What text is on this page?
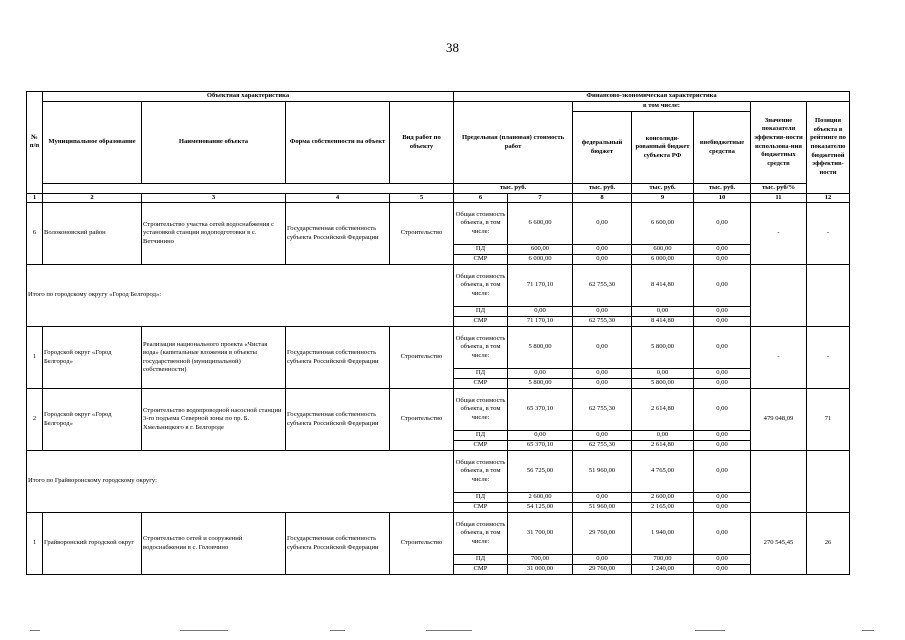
38
№ п/п	Объектная характеристика				Финансово-экономическая характеристика						
	Муниципальное образование	Наименование объекта	Форма собственности на объект	Вид работ по объекту	Предельная (плановая) стоимость работ		в том числе:			Значение показателя эффектив-ности использова-ния бюджетных средств	Позиция объекта в рейтинге по показателю бюджетной эффектив-ности
							федеральный бюджет	консолиди-рованный бюджет субъекта РФ	внебюджетные средства		
					тыс. руб.		тыс. руб.	тыс. руб.	тыс. руб.	тыс. руб/%	
1	2	3	4	5	6	7	8	9	10	11	12
6	Волоконовский район	Строительство участка сетей водоснабжения с установкой станции водоподготовки в с. Ветчинино	Государственная собственность субъекта Российской Федерации	Строительство	Общая стоимость объекта, в том числе:	6 600,00	0,00	6 600,00	0,00	-	-
					ПД	600,00	0,00	600,00	0,00		
					СМР	6 000,00	0,00	6 000,00	0,00		
Итого по городскому округу «Город Белгород»:					Общая стоимость объекта, в том числе:	71 170,10	62 755,30	8 414,80	0,00		
					ПД	0,00	0,00	0,00	0,00		
					СМР	71 170,10	62 755,30	8 414,80	0,00		
1	Городской округ «Город Белгород»	Реализация национального проекта «Чистая вода» (капитальные вложения в объекты государственной (муниципальной) собственности)	Государственная собственность субъекта Российской Федерации	Строительство	Общая стоимость объекта, в том числе:	5 800,00	0,00	5 800,00	0,00	-	-
					ПД	0,00	0,00	0,00	0,00		
					СМР	5 800,00	0,00	5 800,00	0,00		
2	Городской округ «Город Белгород»	Строительство водопроводной насосной станции 3-го подъема Северной зоны по пр. Б. Хмельницкого в г. Белгороде	Государственная собственность субъекта Российской Федерации	Строительство	Общая стоимость объекта, в том числе:	65 370,10	62 755,30	2 614,80	0,00	479 048,09	71
					ПД	0,00	0,00	0,00	0,00		
					СМР	65 370,10	62 755,30	2 614,80	0,00		
Итого по Грайворонскому городскому округу:					Общая стоимость объекта, в том числе:	56 725,00	51 960,00	4 765,00	0,00		
					ПД	2 600,00	0,00	2 600,00	0,00		
					СМР	54 125,00	51 960,00	2 165,00	0,00		
1	Грайворонский городской округ	Строительство сетей и сооружений водоснабжения в с. Головчино	Государственная собственность субъекта Российской Федерации	Строительство	Общая стоимость объекта, в том числе:	31 700,00	29 760,00	1 940,00	0,00	270 545,45	26
					ПД	700,00	0,00	700,00	0,00		
					СМР	31 000,00	29 760,00	1 240,00	0,00		
